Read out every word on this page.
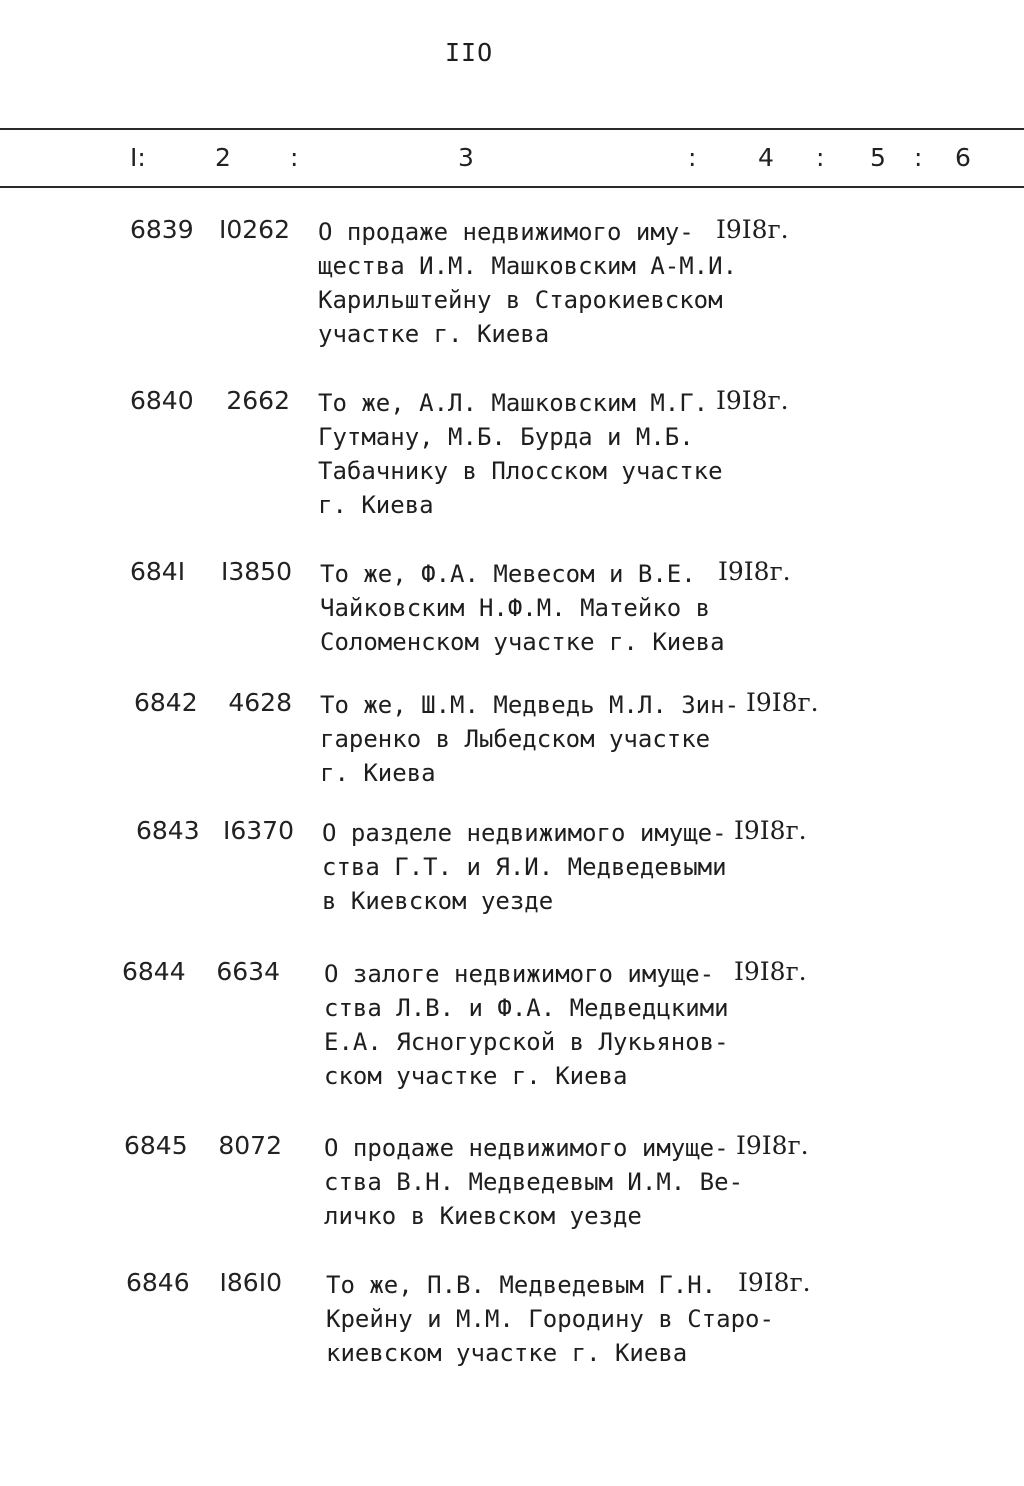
IIO
I:	2 :	3	: 4 : 5 : 6
6839	I0262 О продаже недвижимого иму-
щества И.М. Машковским А-М.И.
Карильштейну в Старокиевском
участке г. Киева
I9I8г.
6840	2662 То же, А.Л. Машковским М.Г.
Гутману, М.Б. Бурда и М.Б.
Табачнику в Плосском участке
г. Киева
I9I8г.
684I	I3850 То же, Ф.А. Мевесом и В.Е.
Чайковским Н.Ф.М. Матейко в
Соломенском участке г. Киева
I9I8г.
6842	4628 То же, Ш.М. Медведь М.Л. Зин-
гаренко в Лыбедском участке
г. Киева
I9I8г.
6843 I6370 О разделе недвижимого имуще-
ства Г.Т. и Я.И. Медведевыми
в Киевском уезде
I9I8г.
6844	6634 О залоге недвижимого имуще-
ства Л.В. и Ф.А. Медведцкими
Е.А. Ясногурской в Лукьянов-
ском участке г. Киева
I9I8г.
6845	8072 О продаже недвижимого имуще-
ства В.Н. Медведевым И.М. Ве-
личко в Киевском уезде
I9I8г.
6846	I86I0 То же, П.В. Медведевым Г.Н.
Крейну и М.М. Городину в Старо-
киевском участке г. Киева
I9I8г.
